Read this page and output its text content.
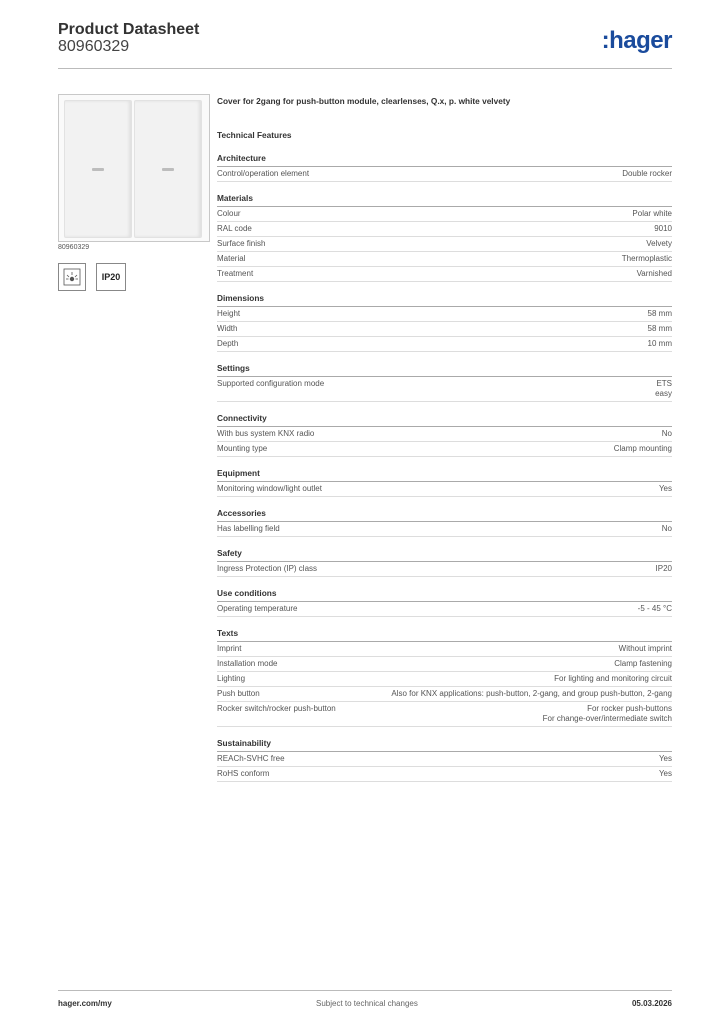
Product Datasheet
80960329	:hager
80960329
IP20
Cover for 2gang for push-button module, clearlenses, Q.x, p. white velvety
Technical Features
Architecture
Control/operation element	Double rocker
Materials
Colour	Polar white
RAL code	9010
Surface finish	Velvety
Material	Thermoplastic
Treatment	Varnished
Dimensions
Height	58 mm
Width	58 mm
Depth	10 mm
Settings
Supported configuration mode	ETS
easy
Connectivity
With bus system KNX radio	No
Mounting type	Clamp mounting
Equipment
Monitoring window/light outlet	Yes
Accessories
Has labelling field	No
Safety
Ingress Protection (IP) class	IP20
Use conditions
Operating temperature	-5 - 45 °C
Texts
Imprint	Without imprint
Installation mode	Clamp fastening
Lighting	For lighting and monitoring circuit
Push button	Also for KNX applications: push-button, 2-gang, and group push-button, 2-gang
Rocker switch/rocker push-button	For rocker push-buttons
For change-over/intermediate switch
Sustainability
REACh-SVHC free	Yes
RoHS conform	Yes
hager.com/my	Subject to technical changes	05.03.2026
